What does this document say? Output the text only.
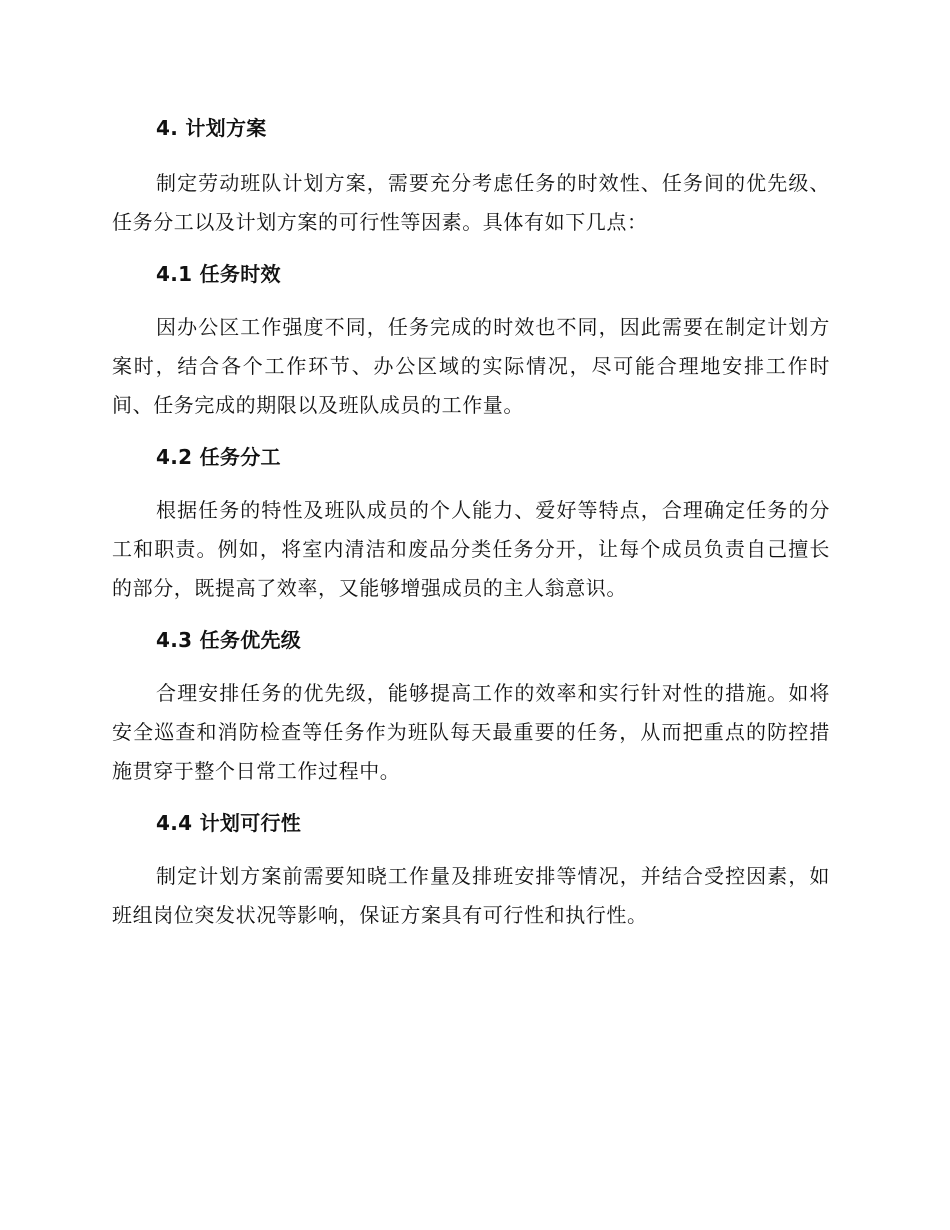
4. 计划方案

制定劳动班队计划方案，需要充分考虑任务的时效性、任务间的优先级、任务分工以及计划方案的可行性等因素。具体有如下几点：

4.1 任务时效

因办公区工作强度不同，任务完成的时效也不同，因此需要在制定计划方案时，结合各个工作环节、办公区域的实际情况，尽可能合理地安排工作时间、任务完成的期限以及班队成员的工作量。

4.2 任务分工

根据任务的特性及班队成员的个人能力、爱好等特点，合理确定任务的分工和职责。例如，将室内清洁和废品分类任务分开，让每个成员负责自己擅长的部分，既提高了效率，又能够增强成员的主人翁意识。

4.3 任务优先级

合理安排任务的优先级，能够提高工作的效率和实行针对性的措施。如将安全巡查和消防检查等任务作为班队每天最重要的任务，从而把重点的防控措施贯穿于整个日常工作过程中。

4.4 计划可行性

制定计划方案前需要知晓工作量及排班安排等情况，并结合受控因素，如班组岗位突发状况等影响，保证方案具有可行性和执行性。
